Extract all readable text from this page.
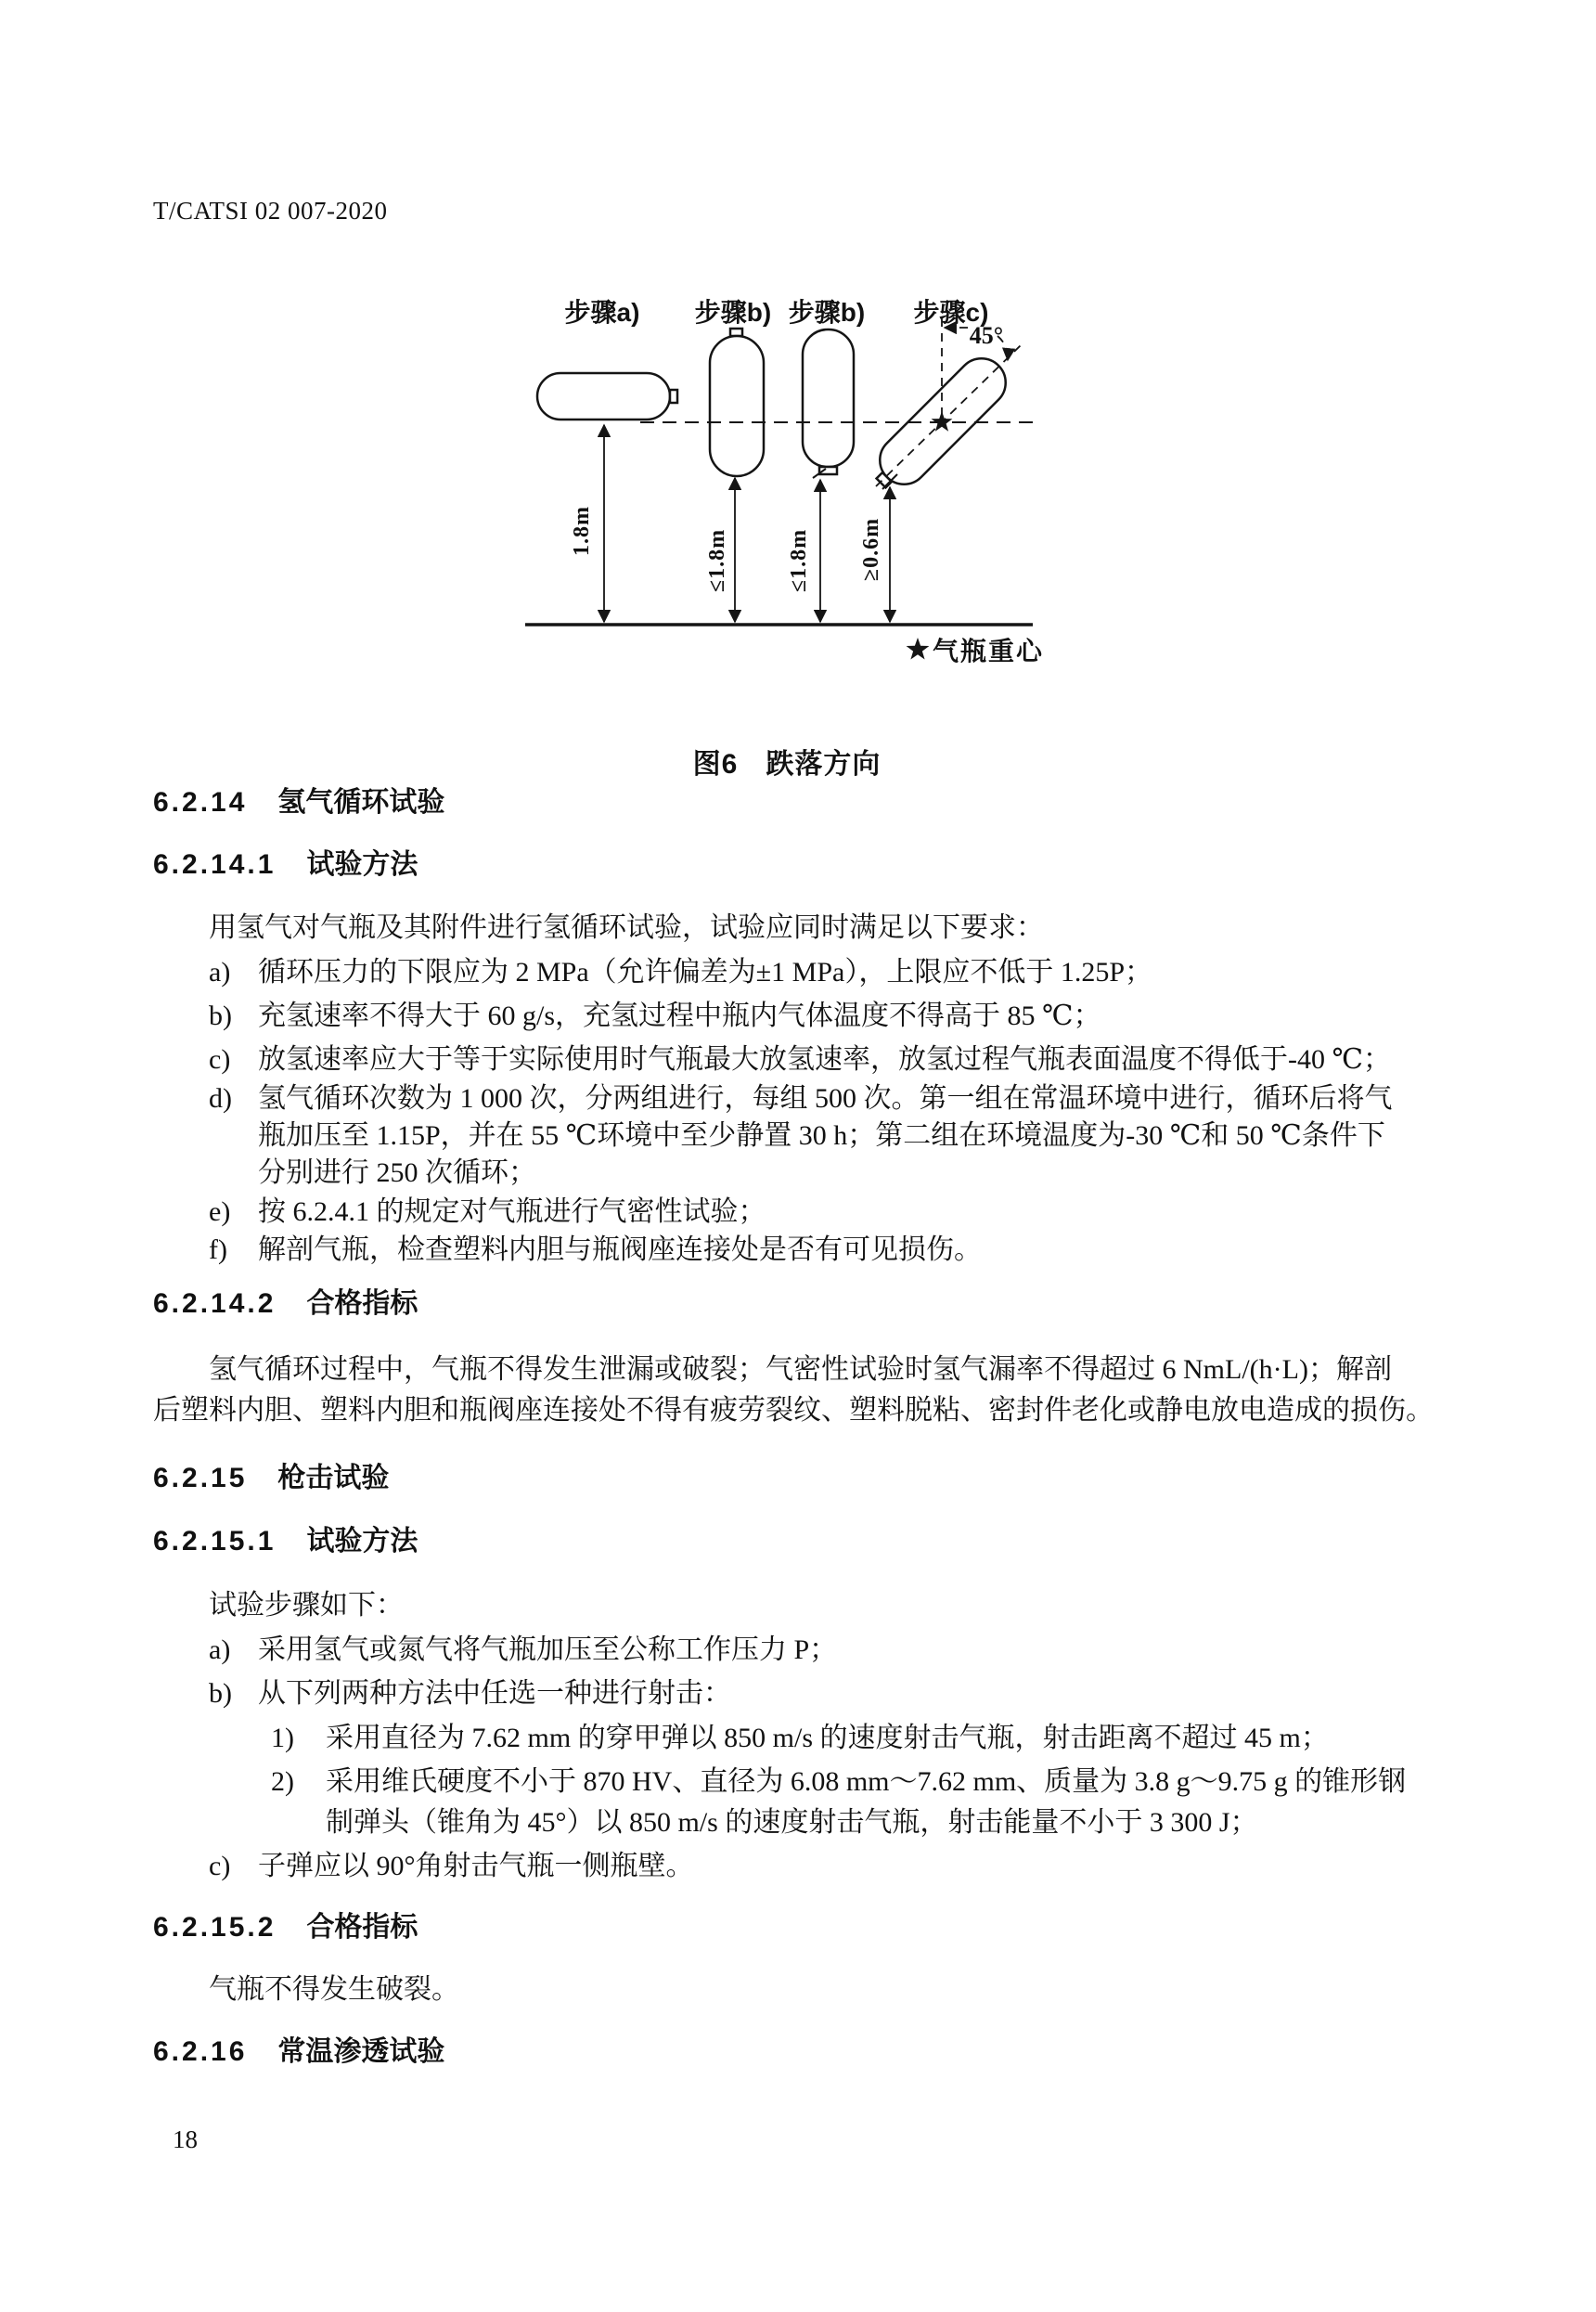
T/CATSI 02 007-2020
步骤a) 步骤b) 步骤b) 步骤c)
45°
1.8m	≤1.8m	≤1.8m ≥0.6m
气瓶重心
图6 跌落方向
6.2.14 氢气循环试验
6.2.14.1 试验方法
用氢气对气瓶及其附件进行氢循环试验，试验应同时满足以下要求：
a) 循环压力的下限应为 2 MPa（允许偏差为±1 MPa），上限应不低于 1.25P；
b) 充氢速率不得大于 60 g/s，充氢过程中瓶内气体温度不得高于 85 ℃；
c) 放氢速率应大于等于实际使用时气瓶最大放氢速率，放氢过程气瓶表面温度不得低于-40 ℃；
d) 氢气循环次数为 1 000 次，分两组进行，每组 500 次。第一组在常温环境中进行，循环后将气
瓶加压至 1.15P，并在 55 ℃环境中至少静置 30 h；第二组在环境温度为-30 ℃和 50 ℃条件下
分别进行 250 次循环；
e) 按 6.2.4.1 的规定对气瓶进行气密性试验；
f) 解剖气瓶，检查塑料内胆与瓶阀座连接处是否有可见损伤。
6.2.14.2 合格指标
氢气循环过程中，气瓶不得发生泄漏或破裂；气密性试验时氢气漏率不得超过 6 NmL/(h·L)；解剖
后塑料内胆、塑料内胆和瓶阀座连接处不得有疲劳裂纹、塑料脱粘、密封件老化或静电放电造成的损伤。
6.2.15 枪击试验
6.2.15.1 试验方法
试验步骤如下：
a) 采用氢气或氮气将气瓶加压至公称工作压力 P；
b) 从下列两种方法中任选一种进行射击：
1) 采用直径为 7.62 mm 的穿甲弹以 850 m/s 的速度射击气瓶，射击距离不超过 45 m；
2) 采用维氏硬度不小于 870 HV、直径为 6.08 mm～7.62 mm、质量为 3.8 g～9.75 g 的锥形钢
制弹头（锥角为 45°）以 850 m/s 的速度射击气瓶，射击能量不小于 3 300 J；
c) 子弹应以 90°角射击气瓶一侧瓶壁。
6.2.15.2 合格指标
气瓶不得发生破裂。
6.2.16 常温渗透试验
18
